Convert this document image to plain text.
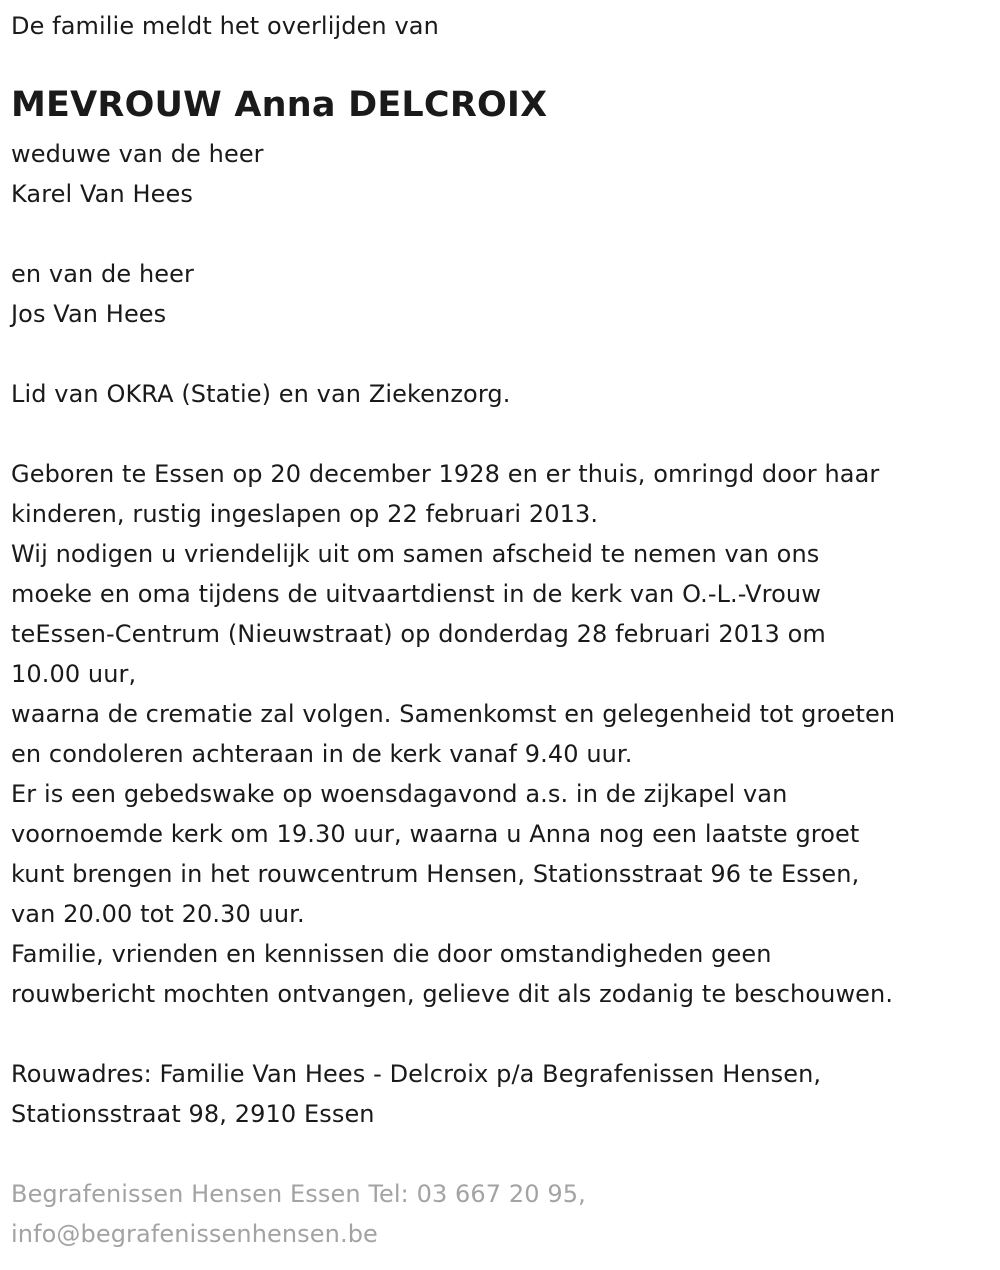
De familie meldt het overlijden van
MEVROUW Anna DELCROIX
weduwe van de heer
Karel Van Hees
en van de heer
Jos Van Hees
Lid van OKRA (Statie) en van Ziekenzorg.
Geboren te Essen op 20 december 1928 en er thuis, omringd door haar
kinderen, rustig ingeslapen op 22 februari 2013.
Wij nodigen u vriendelijk uit om samen afscheid te nemen van ons
moeke en oma tijdens de uitvaartdienst in de kerk van O.-L.-Vrouw
teEssen-Centrum (Nieuwstraat) op donderdag 28 februari 2013 om
10.00 uur,
waarna de crematie zal volgen. Samenkomst en gelegenheid tot groeten
en condoleren achteraan in de kerk vanaf 9.40 uur.
Er is een gebedswake op woensdagavond a.s. in de zijkapel van
voornoemde kerk om 19.30 uur, waarna u Anna nog een laatste groet
kunt brengen in het rouwcentrum Hensen, Stationsstraat 96 te Essen,
van 20.00 tot 20.30 uur.
Familie, vrienden en kennissen die door omstandigheden geen
rouwbericht mochten ontvangen, gelieve dit als zodanig te beschouwen.
Rouwadres: Familie Van Hees - Delcroix p/a Begrafenissen Hensen,
Stationsstraat 98, 2910 Essen
Begrafenissen Hensen Essen Tel: 03 667 20 95,
info@begrafenissenhensen.be
